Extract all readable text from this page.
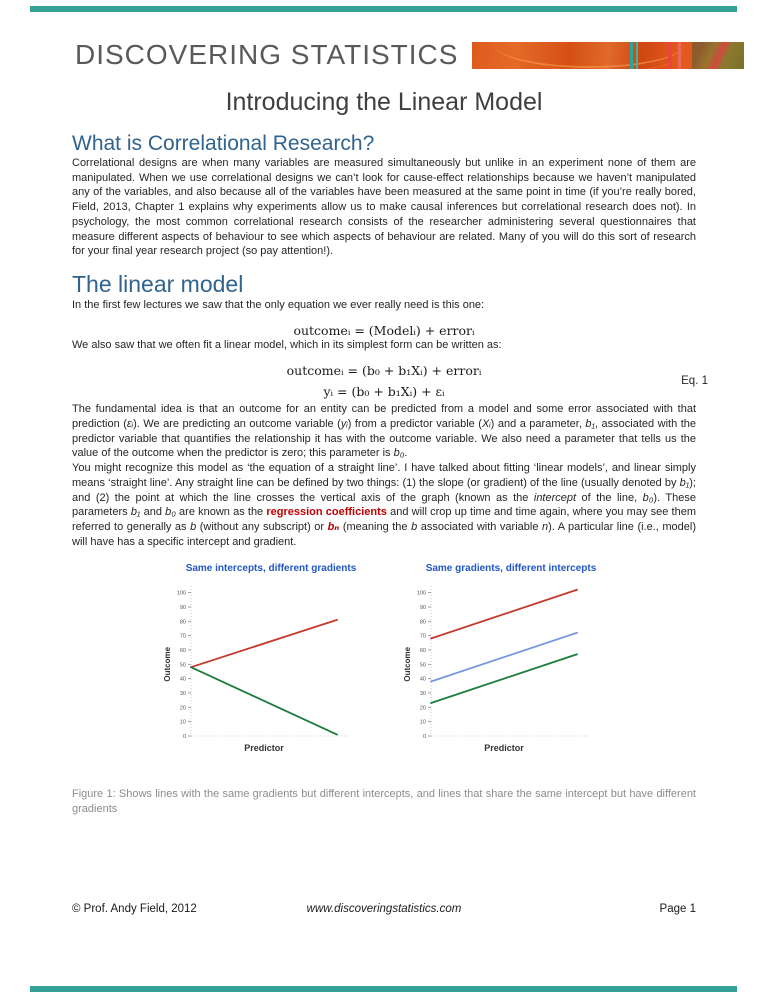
DISCOVERING STATISTICS
Introducing the Linear Model
What is Correlational Research?

Correlational designs are when many variables are measured simultaneously but unlike in an experiment none of them are manipulated. When we use correlational designs we can’t look for cause-effect relationships because we haven’t manipulated any of the variables, and also because all of the variables have been measured at the same point in time (if you’re really bored, Field, 2013, Chapter 1 explains why experiments allow us to make causal inferences but correlational research does not). In psychology, the most common correlational research consists of the researcher administering several questionnaires that measure different aspects of behaviour to see which aspects of behaviour are related. Many of you will do this sort of research for your final year research project (so pay attention!).

The linear model

In the first few lectures we saw that the only equation we ever really need is this one:

outcomeᵢ = (Modelᵢ) + errorᵢ

We also saw that we often fit a linear model, which in its simplest form can be written as:

outcomeᵢ = (b₀ + b₁Xᵢ) + errorᵢ
yᵢ = (b₀ + b₁Xᵢ) + εᵢ
Eq. 1

The fundamental idea is that an outcome for an entity can be predicted from a model and some error associated with that prediction (εᵢ). We are predicting an outcome variable (yᵢ) from a predictor variable (Xᵢ) and a parameter, b₁, associated with the predictor variable that quantifies the relationship it has with the outcome variable. We also need a parameter that tells us the value of the outcome when the predictor is zero; this parameter is b₀.

You might recognize this model as ‘the equation of a straight line’. I have talked about fitting ‘linear models’, and linear simply means ‘straight line’. Any straight line can be defined by two things: (1) the slope (or gradient) of the line (usually denoted by b₁); and (2) the point at which the line crosses the vertical axis of the graph (known as the intercept of the line, b₀). These parameters b₁ and b₀ are known as the regression coefficients and will crop up time and time again, where you may see them referred to generally as b (without any subscript) or bₙ (meaning the b associated with variable n). A particular line (i.e., model) will have has a specific intercept and gradient.

Same intercepts, different gradients
0
10
20
30
40
50
60
70
80
90
100
Outcome
Predictor
Same gradients, different intercepts
0
10
20
30
40
50
60
70
80
90
100
Outcome
Predictor

Figure 1: Shows lines with the same gradients but different intercepts, and lines that share the same intercept but have different gradients

© Prof. Andy Field, 2012	www.discoveringstatistics.com	Page 1
